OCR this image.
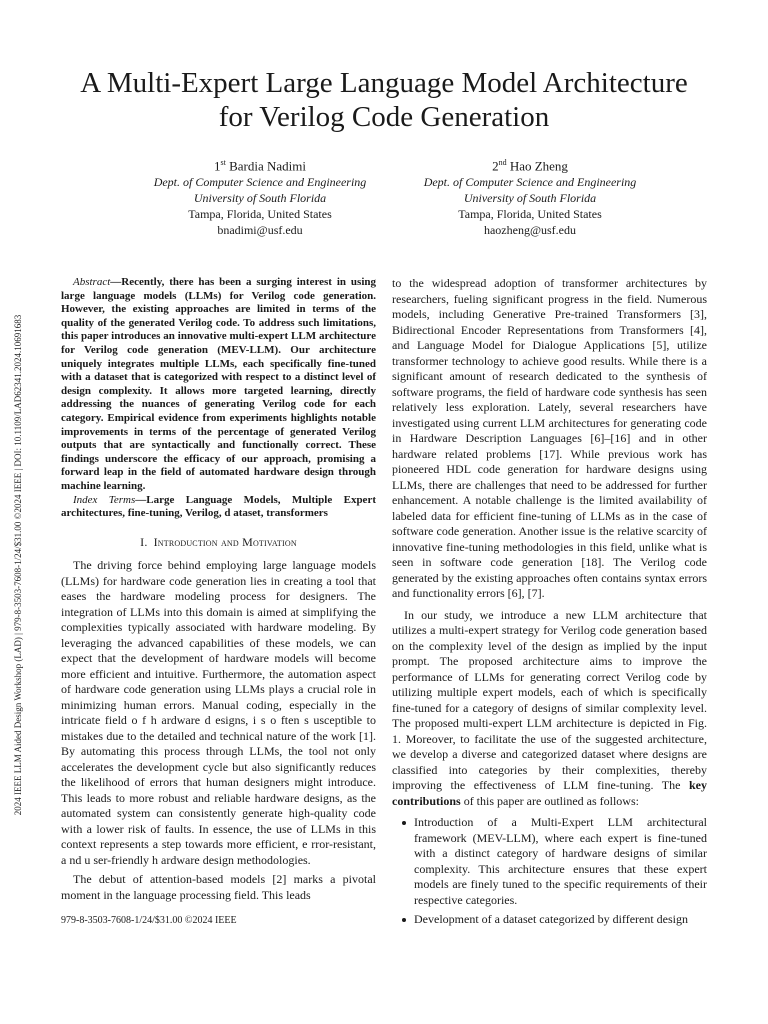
2024 IEEE LLM Aided Design Workshop (LAD) | 979-8-3503-7608-1/24/$31.00 ©2024 IEEE | DOI: 10.1109/LAD62341.2024.10691683
A Multi-Expert Large Language Model Architecture
for Verilog Code Generation
1st Bardia Nadimi
Dept. of Computer Science and Engineering
University of South Florida
Tampa, Florida, United States
bnadimi@usf.edu
2nd Hao Zheng
Dept. of Computer Science and Engineering
University of South Florida
Tampa, Florida, United States
haozheng@usf.edu

Abstract—Recently, there has been a surging interest in using large language models (LLMs) for Verilog code generation. However, the existing approaches are limited in terms of the quality of the generated Verilog code. To address such limitations, this paper introduces an innovative multi-expert LLM architecture for Verilog code generation (MEV-LLM). Our architecture uniquely integrates multiple LLMs, each specifically fine-tuned with a dataset that is categorized with respect to a distinct level of design complexity. It allows more targeted learning, directly addressing the nuances of generating Verilog code for each category. Empirical evidence from experiments highlights notable improvements in terms of the percentage of generated Verilog outputs that are syntactically and functionally correct. These findings underscore the efficacy of our approach, promising a forward leap in the field of automated hardware design through machine learning.

Index Terms—Large Language Models, Multiple Expert architectures, fine-tuning, Verilog, d ataset, transformers

I. Introduction and Motivation

The driving force behind employing large language models (LLMs) for hardware code generation lies in creating a tool that eases the hardware modeling process for designers. The integration of LLMs into this domain is aimed at simplifying the complexities typically associated with hardware modeling. By leveraging the advanced capabilities of these models, we can expect that the development of hardware models will become more efficient and intuitive. Furthermore, the automation aspect of hardware code generation using LLMs plays a crucial role in minimizing human errors. Manual coding, especially in the intricate field o f h ardware d esigns, i s o ften s usceptible to mistakes due to the detailed and technical nature of the work [1]. By automating this process through LLMs, the tool not only accelerates the development cycle but also significantly reduces the likelihood of errors that human designers might introduce. This leads to more robust and reliable hardware designs, as the automated system can consistently generate high-quality code with a lower risk of faults. In essence, the use of LLMs in this context represents a step towards more efficient, e rror-resistant, a nd u ser-friendly h ardware design methodologies.

The debut of attention-based models [2] marks a pivotal moment in the language processing field. This leads

to the widespread adoption of transformer architectures by researchers, fueling significant progress in the field. Numerous models, including Generative Pre-trained Transformers [3], Bidirectional Encoder Representations from Transformers [4], and Language Model for Dialogue Applications [5], utilize transformer technology to achieve good results. While there is a significant amount of research dedicated to the synthesis of software programs, the field of hardware code synthesis has seen relatively less exploration. Lately, several researchers have investigated using current LLM architectures for generating code in Hardware Description Languages [6]–[16] and in other hardware related problems [17]. While previous work has pioneered HDL code generation for hardware designs using LLMs, there are challenges that need to be addressed for further enhancement. A notable challenge is the limited availability of labeled data for efficient fine-tuning of LLMs as in the case of software code generation. Another issue is the relative scarcity of innovative fine-tuning methodologies in this field, unlike what is seen in software code generation [18]. The Verilog code generated by the existing approaches often contains syntax errors and functionality errors [6], [7].

In our study, we introduce a new LLM architecture that utilizes a multi-expert strategy for Verilog code generation based on the complexity level of the design as implied by the input prompt. The proposed architecture aims to improve the performance of LLMs for generating correct Verilog code by utilizing multiple expert models, each of which is specifically fine-tuned for a category of designs of similar complexity level. The proposed multi-expert LLM architecture is depicted in Fig. 1. Moreover, to facilitate the use of the suggested architecture, we develop a diverse and categorized dataset where designs are classified into categories by their complexities, thereby improving the effectiveness of LLM fine-tuning. The key contributions of this paper are outlined as follows:

Introduction of a Multi-Expert LLM architectural framework (MEV-LLM), where each expert is fine-tuned with a distinct category of hardware designs of similar complexity. This architecture ensures that these expert models are finely tuned to the specific requirements of their respective categories.
Development of a dataset categorized by different design
979-8-3503-7608-1/24/$31.00 ©2024 IEEE
